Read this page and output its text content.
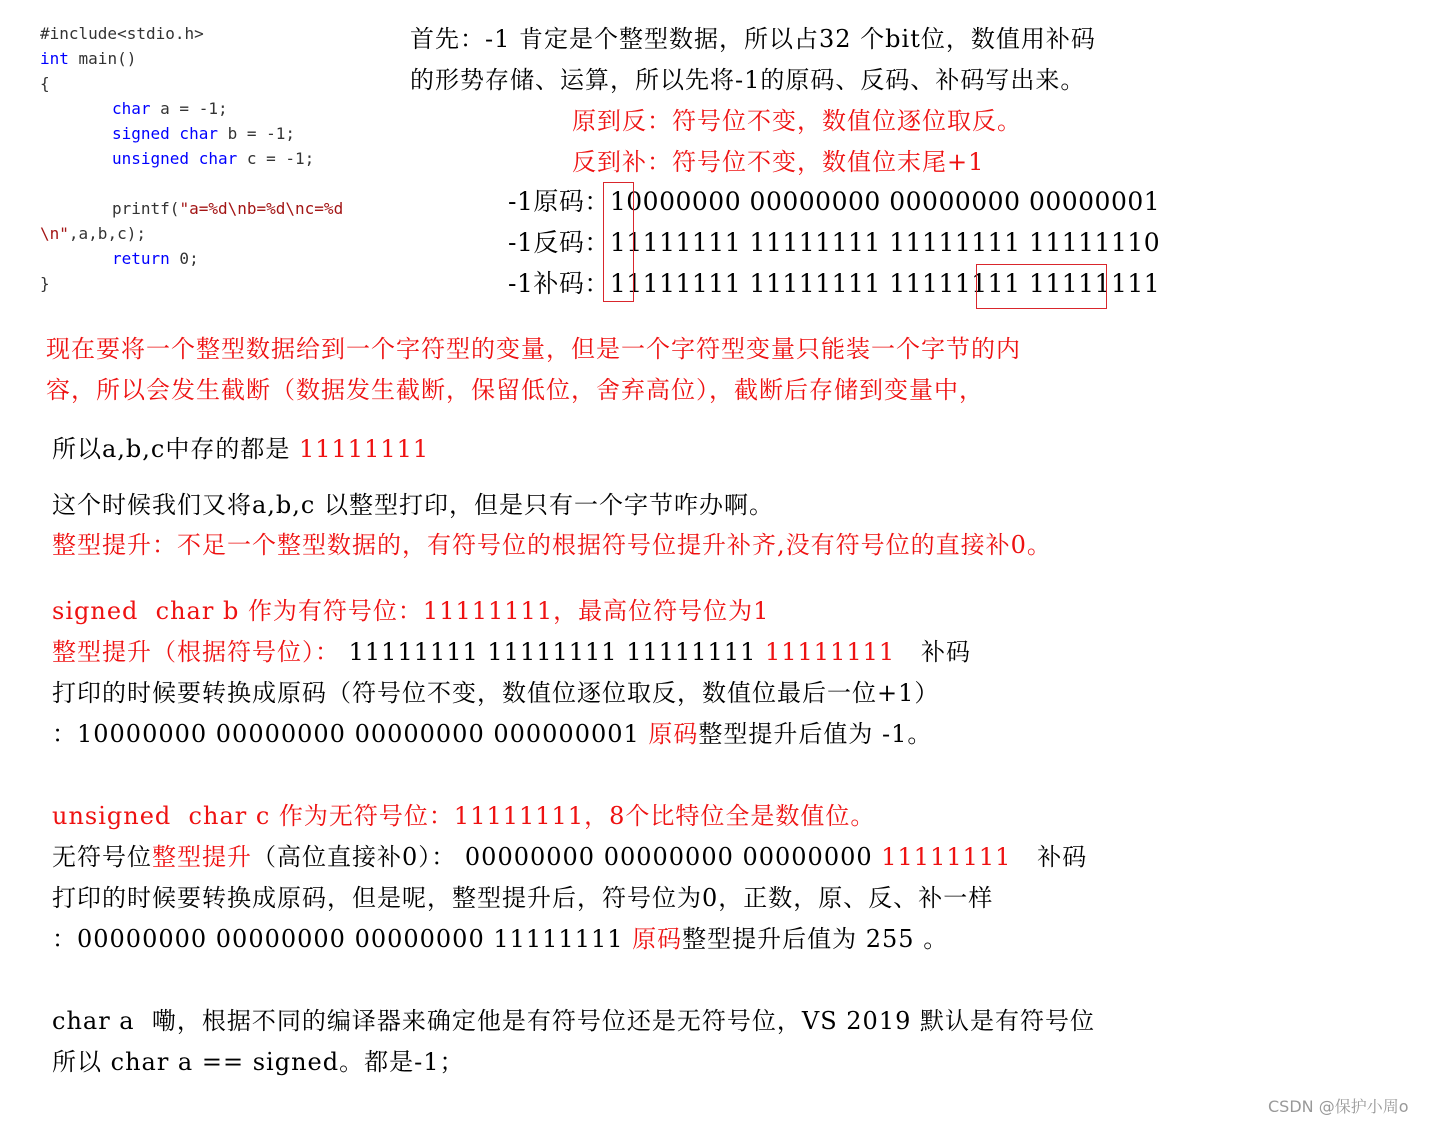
#include<stdio.h>
int main()
{
char a = -1;
signed char b = -1;
unsigned char c = -1;
printf("a=%d\nb=%d\nc=%d
\n",a,b,c);
return 0;
}
首先：-1 肯定是个整型数据，所以占32 个bit位，数值用补码
的形势存储、运算，所以先将-1的原码、反码、补码写出来。
原到反：符号位不变，数值位逐位取反。
反到补：符号位不变，数值位末尾+1
-1原码：10000000 00000000 00000000 00000001
-1反码：11111111 11111111 11111111 11111110
-1补码：11111111 11111111 11111111 11111111
现在要将一个整型数据给到一个字符型的变量，但是一个字符型变量只能装一个字节的内
容，所以会发生截断（数据发生截断，保留低位，舍弃高位），截断后存储到变量中，
所以a,b,c中存的都是 11111111
这个时候我们又将a,b,c 以整型打印，但是只有一个字节咋办啊。
整型提升：不足一个整型数据的，有符号位的根据符号位提升补齐,没有符号位的直接补0。
signed  char b 作为有符号位：11111111，最高位符号位为1
整型提升（根据符号位）： 11111111 11111111 11111111 11111111   补码
打印的时候要转换成原码（符号位不变，数值位逐位取反，数值位最后一位+1）
：10000000 00000000 00000000 000000001 原码整型提升后值为 -1。
unsigned  char c 作为无符号位：11111111，8个比特位全是数值位。
无符号位整型提升（高位直接补0）： 00000000 00000000 00000000 11111111   补码
打印的时候要转换成原码，但是呢，整型提升后，符号位为0，正数，原、反、补一样
：00000000 00000000 00000000 11111111 原码整型提升后值为 255 。
char a  嘞，根据不同的编译器来确定他是有符号位还是无符号位，VS 2019 默认是有符号位
所以 char a == signed。都是-1；
CSDN @保护小周ο
